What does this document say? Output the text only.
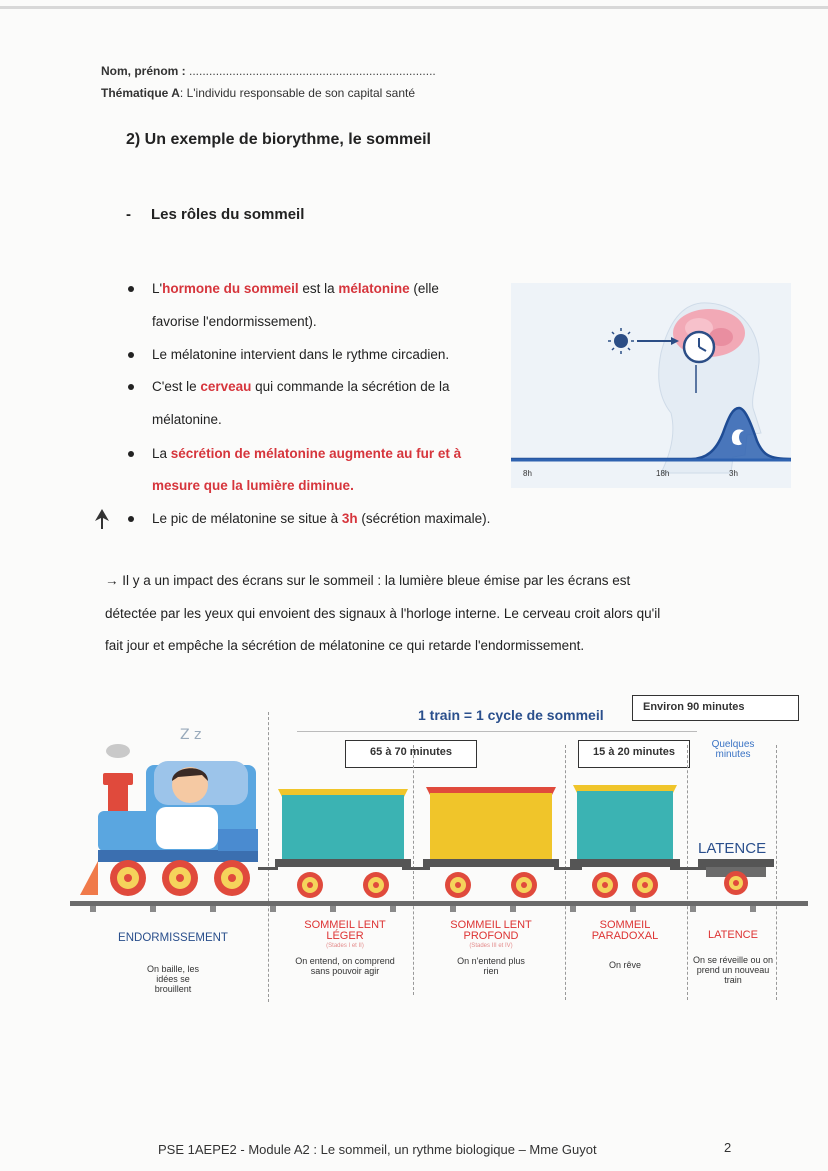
Nom, prénom : ..........................................................................
Thématique A: L'individu responsable de son capital santé
2) Un exemple de biorythme, le sommeil
- Les rôles du sommeil
L'hormone du sommeil est la mélatonine (elle
favorise l'endormissement).
Le mélatonine intervient dans le rythme circadien.
C'est le cerveau qui commande la sécrétion de la
mélatonine.
La sécrétion de mélatonine augmente au fur et à
mesure que la lumière diminue.
Le pic de mélatonine se situe à 3h (sécrétion maximale).
8h	18h	3h
→ Il y a un impact des écrans sur le sommeil : la lumière bleue émise par les écrans est
détectée par les yeux qui envoient des signaux à l'horloge interne. Le cerveau croit alors qu'il
fait jour et empêche la sécrétion de mélatonine ce qui retarde l'endormissement.
1 train = 1 cycle de sommeil	Environ 90 minutes
65 à 70 minutes	15 à 20 minutes
Quelques minutes
Z z
LATENCE
ENDORMISSEMENT
On baille, les idées se brouillent
SOMMEIL LENT LÉGER
(Stades I et II)
On entend, on comprend sans pouvoir agir
SOMMEIL LENT PROFOND
(Stades III et IV)
On n'entend plus rien
SOMMEIL PARADOXAL
On rêve
LATENCE
On se réveille ou on prend un nouveau train
PSE 1AEPE2 - Module A2 : Le sommeil, un rythme biologique – Mme Guyot	2
